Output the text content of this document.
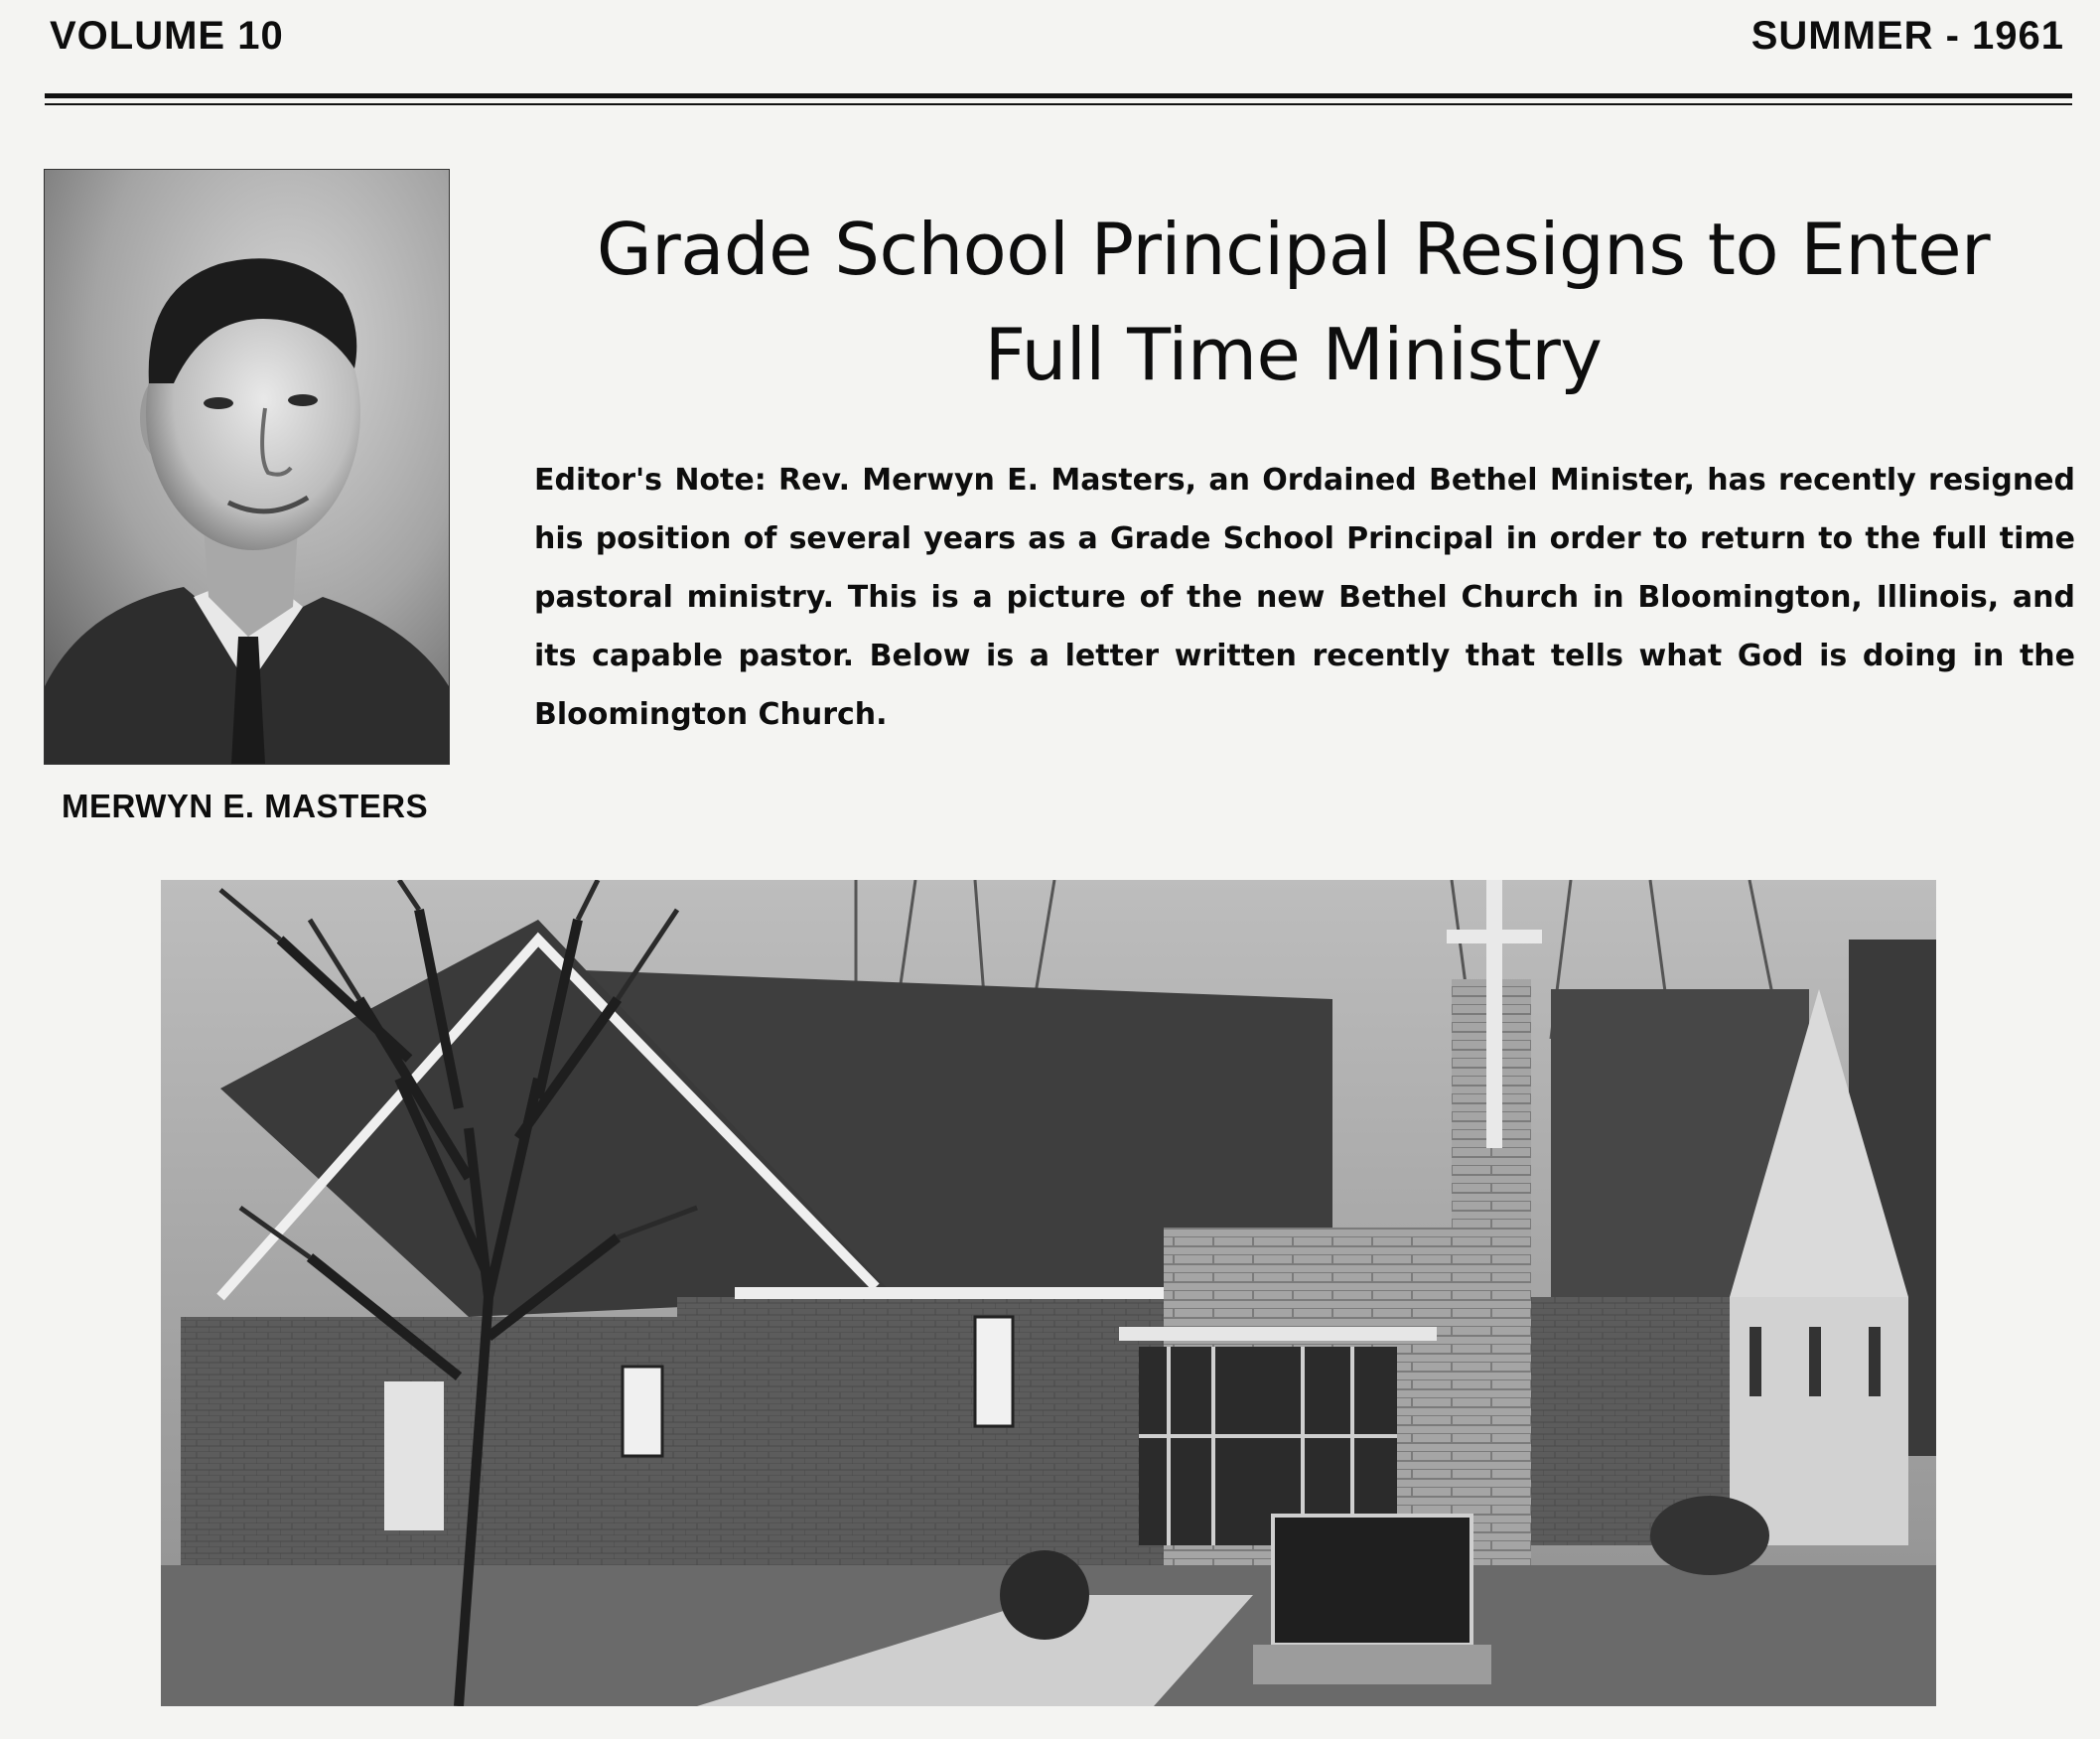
VOLUME 10	SUMMER - 1961
MERWYN E. MASTERS
Grade School Principal Resigns to Enter
Full Time Ministry

Editor's Note: Rev. Merwyn E. Masters, an Ordained Bethel Minister, has recently resigned his position of several years as a Grade School Principal in order to return to the full time pastoral ministry. This is a picture of the new Bethel Church in Bloomington, Illinois, and its capable pastor. Below is a letter written recently that tells what God is doing in the Bloomington Church.
